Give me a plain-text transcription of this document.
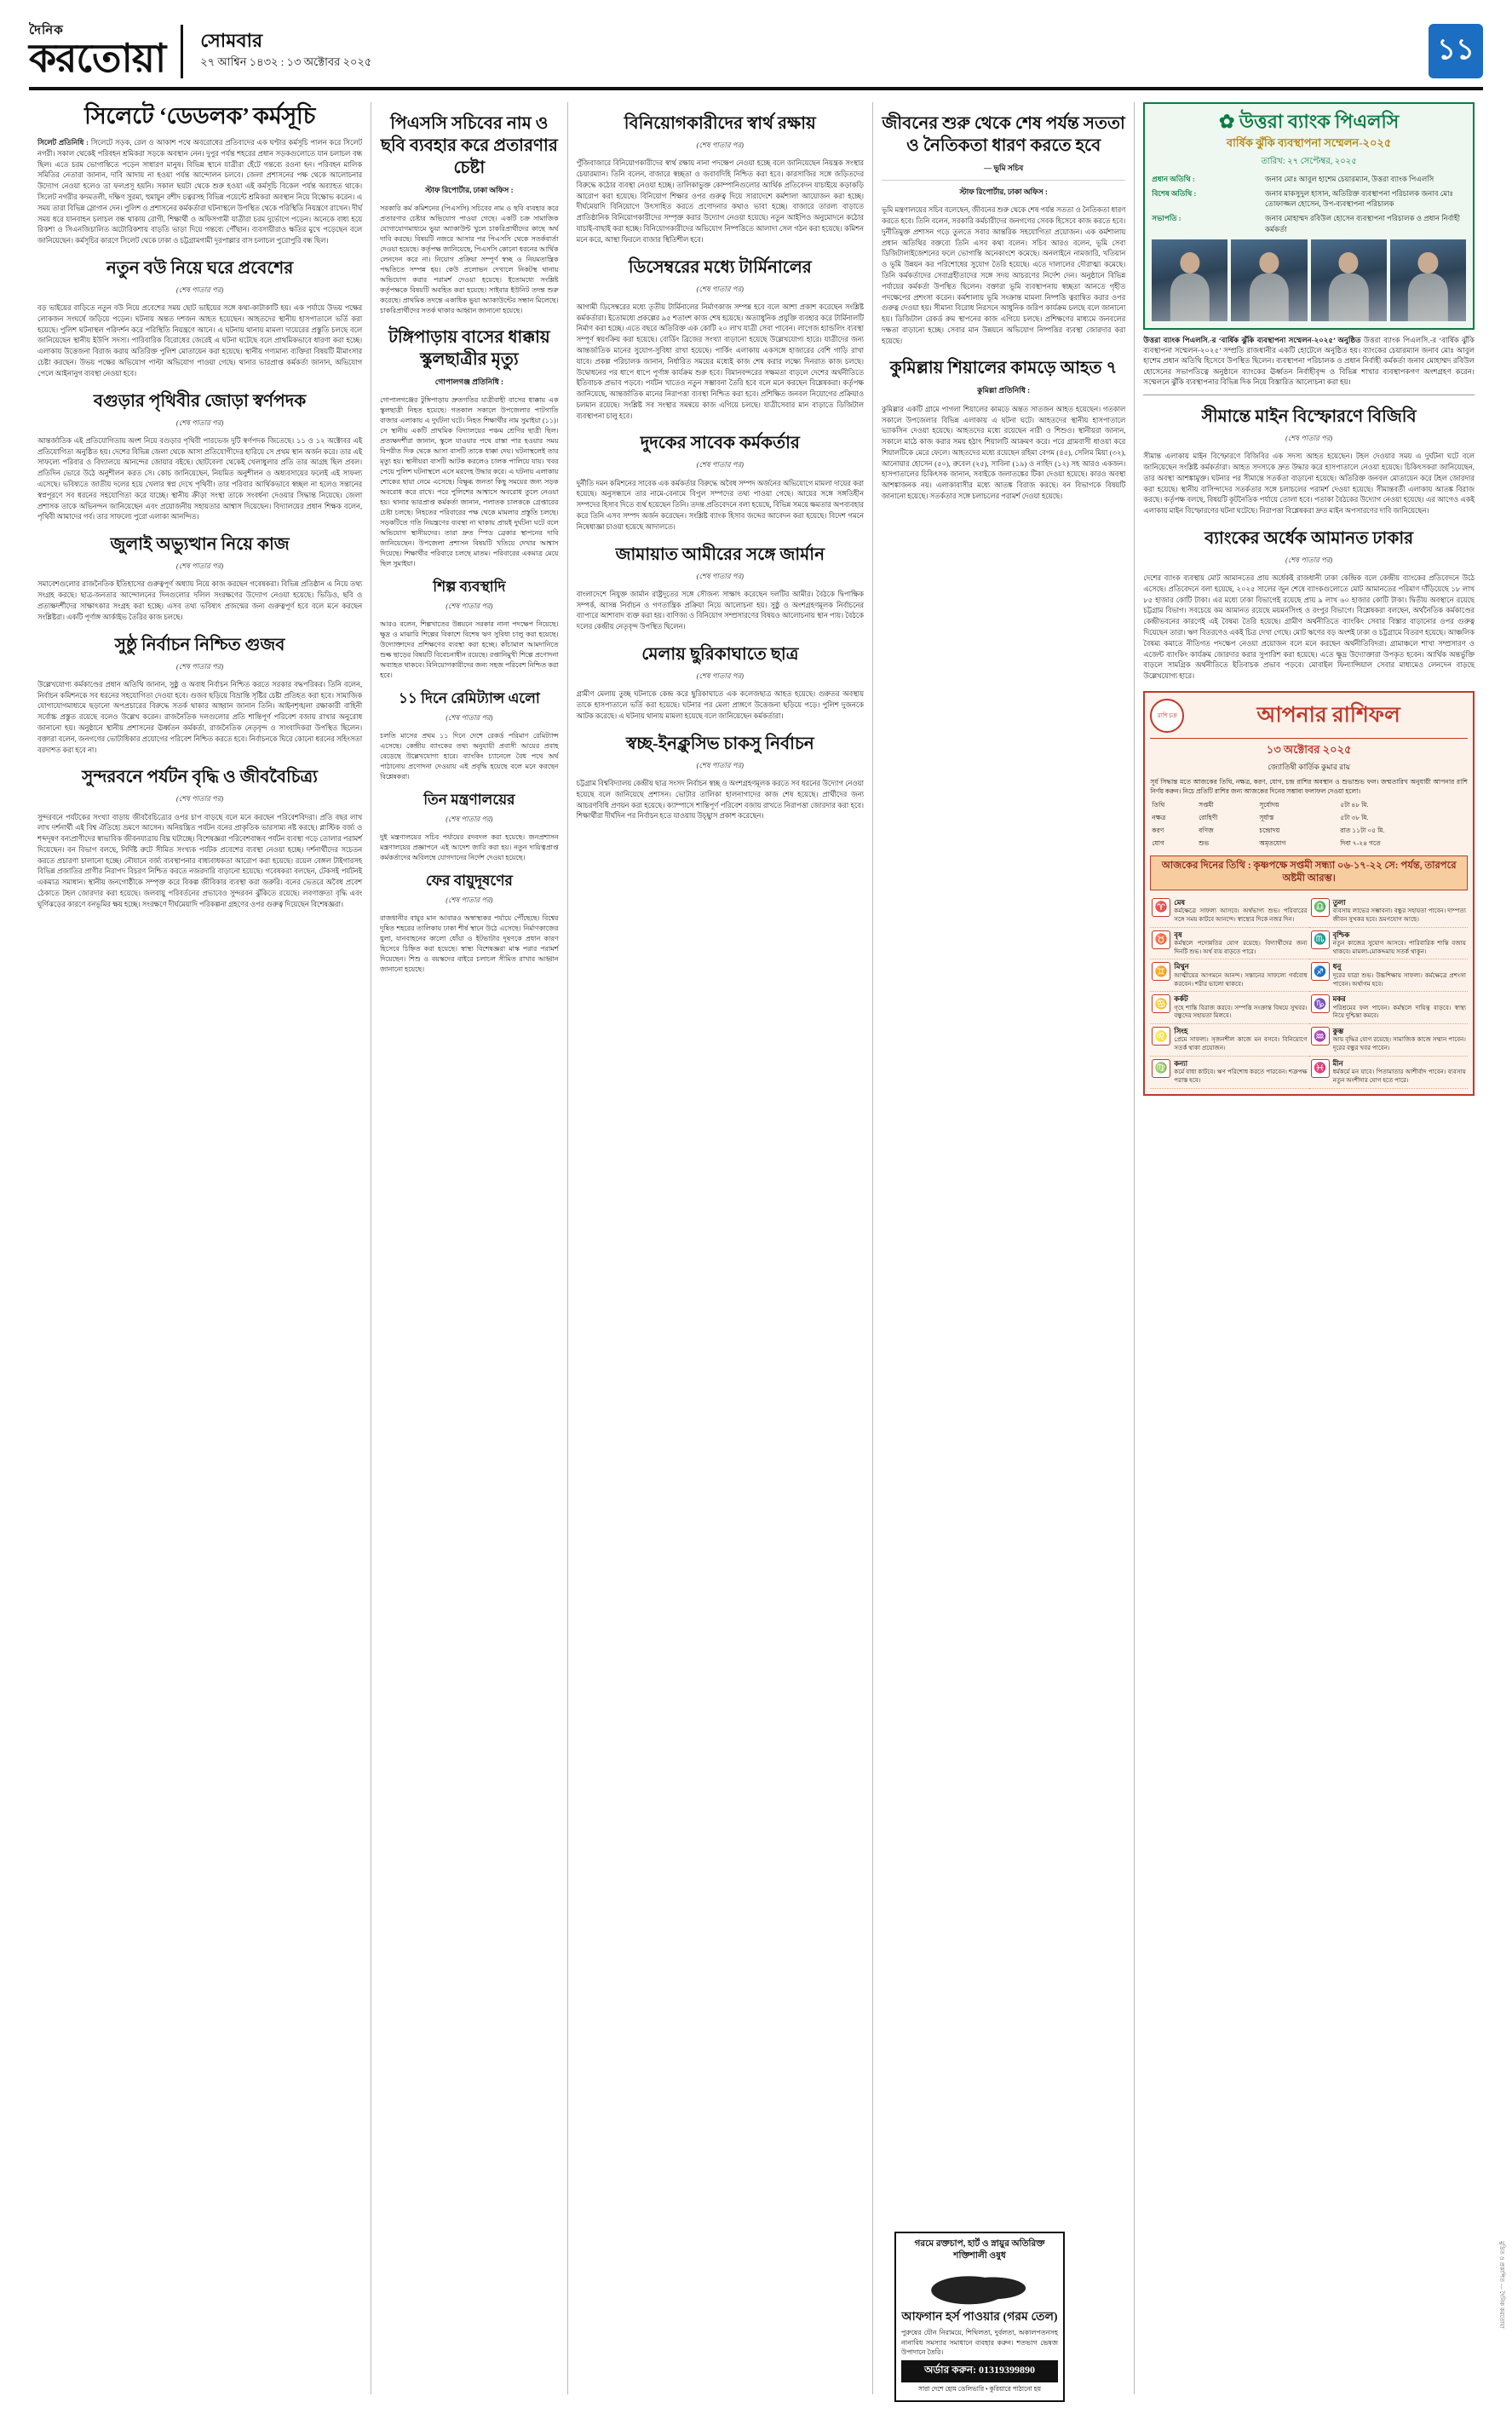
দৈনিক
করতোয়া সোমবার
২৭ আশ্বিন ১৪৩২ : ১৩ অক্টোবর ২০২৫	১১
সিলেটে ‘ডেডলক’ কর্মসূচি

সিলেট প্রতিনিধি : সিলেটে সড়ক, রেল ও আকাশ পথে অবরোধের প্রতিবাদের এক ঘণ্টার কর্মসূচি পালন করে সিলেট নগরী। সকাল থেকেই পরিবহন শ্রমিকরা সড়কে অবস্থান নেন। দুপুর পর্যন্ত শহরের প্রধান সড়কগুলোতে যান চলাচল বন্ধ ছিল। এতে চরম ভোগান্তিতে পড়েন সাধারণ মানুষ। বিভিন্ন স্থানে যাত্রীরা হেঁটে গন্তব্যে রওনা হন। পরিবহন মালিক সমিতির নেতারা জানান, দাবি আদায় না হওয়া পর্যন্ত আন্দোলন চলবে। জেলা প্রশাসনের পক্ষ থেকে আলোচনার উদ্যোগ নেওয়া হলেও তা ফলপ্রসূ হয়নি। সকাল ছয়টা থেকে শুরু হওয়া এই কর্মসূচি বিকেল পর্যন্ত অব্যাহত থাকে। সিলেট নগরীর কদমতলী, দক্ষিণ সুরমা, হুমায়ুন রশীদ চত্বরসহ বিভিন্ন পয়েন্টে শ্রমিকরা অবস্থান নিয়ে বিক্ষোভ করেন। এ সময় তারা বিভিন্ন স্লোগান দেন। পুলিশ ও প্রশাসনের কর্মকর্তারা ঘটনাস্থলে উপস্থিত থেকে পরিস্থিতি নিয়ন্ত্রণে রাখেন। দীর্ঘ সময় ধরে যানবাহন চলাচল বন্ধ থাকায় রোগী, শিক্ষার্থী ও অফিসগামী যাত্রীরা চরম দুর্ভোগে পড়েন। অনেকে বাধ্য হয়ে রিকশা ও সিএনজিচালিত অটোরিকশায় বাড়তি ভাড়া দিয়ে গন্তব্যে পৌঁছান। ব্যবসায়ীরাও ক্ষতির মুখে পড়েছেন বলে জানিয়েছেন। কর্মসূচির কারণে সিলেট থেকে ঢাকা ও চট্টগ্রামগামী দূরপাল্লার বাস চলাচল পুরোপুরি বন্ধ ছিল।

নতুন বউ নিয়ে ঘরে প্রবেশের
(শেষ পাতার পর)

বড় ভাইয়ের বাড়িতে নতুন বউ নিয়ে প্রবেশের সময় ছোট ভাইয়ের সঙ্গে কথা-কাটাকাটি হয়। এক পর্যায়ে উভয় পক্ষের লোকজন সংঘর্ষে জড়িয়ে পড়েন। ঘটনায় অন্তত দশজন আহত হয়েছেন। আহতদের স্থানীয় হাসপাতালে ভর্তি করা হয়েছে। পুলিশ ঘটনাস্থল পরিদর্শন করে পরিস্থিতি নিয়ন্ত্রণে আনে। এ ঘটনায় থানায় মামলা দায়েরের প্রস্তুতি চলছে বলে জানিয়েছেন স্থানীয় ইউপি সদস্য। পারিবারিক বিরোধের জেরেই এ ঘটনা ঘটেছে বলে প্রাথমিকভাবে ধারণা করা হচ্ছে। এলাকায় উত্তেজনা বিরাজ করায় অতিরিক্ত পুলিশ মোতায়েন করা হয়েছে। স্থানীয় গণ্যমান্য ব্যক্তিরা বিষয়টি মীমাংসার চেষ্টা করছেন। উভয় পক্ষের অভিযোগ পাল্টা অভিযোগ পাওয়া গেছে। থানার ভারপ্রাপ্ত কর্মকর্তা জানান, অভিযোগ পেলে আইনানুগ ব্যবস্থা নেওয়া হবে।

বগুড়ার পৃথিবীর জোড়া স্বর্ণপদক
(শেষ পাতার পর)

আন্তর্জাতিক এই প্রতিযোগিতায় অংশ নিয়ে বগুড়ার পৃথিবী পারভেজ দুটি স্বর্ণপদক জিতেছে। ১১ ও ১২ অক্টোবর এই প্রতিযোগিতা অনুষ্ঠিত হয়। দেশের বিভিন্ন জেলা থেকে আসা প্রতিযোগীদের হারিয়ে সে প্রথম স্থান অর্জন করে। তার এই সাফল্যে পরিবার ও বিদ্যালয়ে আনন্দের জোয়ার বইছে। ছোটবেলা থেকেই খেলাধুলার প্রতি তার আগ্রহ ছিল প্রবল। প্রতিদিন ভোরে উঠে অনুশীলন করত সে। কোচ জানিয়েছেন, নিয়মিত অনুশীলন ও অধ্যবসায়ের ফলেই এই সাফল্য এসেছে। ভবিষ্যতে জাতীয় দলের হয়ে খেলার স্বপ্ন দেখে পৃথিবী। তার পরিবার আর্থিকভাবে স্বচ্ছল না হলেও সন্তানের স্বপ্নপূরণে সব ধরনের সহযোগিতা করে যাচ্ছে। স্থানীয় ক্রীড়া সংস্থা তাকে সংবর্ধনা দেওয়ার সিদ্ধান্ত নিয়েছে। জেলা প্রশাসক তাকে অভিনন্দন জানিয়েছেন এবং প্রয়োজনীয় সহায়তার আশ্বাস দিয়েছেন। বিদ্যালয়ের প্রধান শিক্ষক বলেন, পৃথিবী আমাদের গর্ব। তার সাফল্যে পুরো এলাকা আনন্দিত।

জুলাই অভ্যুত্থান নিয়ে কাজ
(শেষ পাতার পর)

সমাবেশগুলোর রাজনৈতিক ইতিহাসের গুরুত্বপূর্ণ অধ্যায় নিয়ে কাজ করছেন গবেষকরা। বিভিন্ন প্রতিষ্ঠান এ নিয়ে তথ্য সংগ্রহ করছে। ছাত্র-জনতার আন্দোলনের দিনগুলোর দলিল সংরক্ষণের উদ্যোগ নেওয়া হয়েছে। ভিডিও, ছবি ও প্রত্যক্ষদর্শীদের সাক্ষাৎকার সংগ্রহ করা হচ্ছে। এসব তথ্য ভবিষ্যৎ প্রজন্মের জন্য গুরুত্বপূর্ণ হবে বলে মনে করছেন সংশ্লিষ্টরা। একটি পূর্ণাঙ্গ আর্কাইভ তৈরির কাজ চলছে।

সুষ্ঠু নির্বাচন নিশ্চিত গুজব
(শেষ পাতার পর)

উল্লেখযোগ্য কর্মকাণ্ডের প্রধান অতিথি জানান, সুষ্ঠু ও অবাধ নির্বাচন নিশ্চিত করতে সরকার বদ্ধপরিকর। তিনি বলেন, নির্বাচন কমিশনকে সব ধরনের সহযোগিতা দেওয়া হবে। গুজব ছড়িয়ে বিভ্রান্তি সৃষ্টির চেষ্টা প্রতিহত করা হবে। সামাজিক যোগাযোগমাধ্যমে ছড়ানো অপপ্রচারের বিরুদ্ধে সতর্ক থাকার আহ্বান জানান তিনি। আইনশৃঙ্খলা রক্ষাকারী বাহিনী সর্বোচ্চ প্রস্তুত রয়েছে বলেও উল্লেখ করেন। রাজনৈতিক দলগুলোর প্রতি শান্তিপূর্ণ পরিবেশ বজায় রাখার অনুরোধ জানানো হয়। অনুষ্ঠানে স্থানীয় প্রশাসনের ঊর্ধ্বতন কর্মকর্তা, রাজনৈতিক নেতৃবৃন্দ ও সাংবাদিকরা উপস্থিত ছিলেন। বক্তারা বলেন, জনগণের ভোটাধিকার প্রয়োগের পরিবেশ নিশ্চিত করতে হবে। নির্বাচনকে ঘিরে কোনো ধরনের সহিংসতা বরদাশত করা হবে না।

সুন্দরবনে পর্যটন বৃদ্ধি ও জীববৈচিত্র্য
(শেষ পাতার পর)

সুন্দরবনে পর্যটকের সংখ্যা বাড়ায় জীববৈচিত্র্যের ওপর চাপ বাড়ছে বলে মনে করছেন পরিবেশবিদরা। প্রতি বছর লাখ লাখ দর্শনার্থী এই বিশ্ব ঐতিহ্যে ভ্রমণে আসেন। অনিয়ন্ত্রিত পর্যটন বনের প্রাকৃতিক ভারসাম্য নষ্ট করছে। প্লাস্টিক বর্জ্য ও শব্দদূষণ বন্যপ্রাণীদের স্বাভাবিক জীবনযাত্রায় বিঘ্ন ঘটাচ্ছে। বিশেষজ্ঞরা পরিবেশবান্ধব পর্যটন ব্যবস্থা গড়ে তোলার পরামর্শ দিয়েছেন। বন বিভাগ বলছে, নির্দিষ্ট রুটে সীমিত সংখ্যক পর্যটক প্রবেশের ব্যবস্থা নেওয়া হচ্ছে। দর্শনার্থীদের সচেতন করতে প্রচারণা চালানো হচ্ছে। নৌযানে বর্জ্য ব্যবস্থাপনার বাধ্যবাধকতা আরোপ করা হয়েছে। রয়েল বেঙ্গল টাইগারসহ বিভিন্ন প্রজাতির প্রাণীর নিরাপদ বিচরণ নিশ্চিত করতে নজরদারি বাড়ানো হয়েছে। গবেষকরা বলছেন, টেকসই পর্যটনই একমাত্র সমাধান। স্থানীয় জনগোষ্ঠীকে সম্পৃক্ত করে বিকল্প জীবিকার ব্যবস্থা করা জরুরি। বনের ভেতরে অবৈধ প্রবেশ ঠেকাতে টহল জোরদার করা হয়েছে। জলবায়ু পরিবর্তনের প্রভাবেও সুন্দরবন ঝুঁকিতে রয়েছে। লবণাক্ততা বৃদ্ধি এবং ঘূর্ণিঝড়ের কারণে বনভূমির ক্ষয় হচ্ছে। সংরক্ষণে দীর্ঘমেয়াদি পরিকল্পনা গ্রহণের ওপর গুরুত্ব দিয়েছেন বিশেষজ্ঞরা।

পিএসসি সচিবের নাম ও ছবি ব্যবহার করে প্রতারণার চেষ্টা
স্টাফ রিপোর্টার, ঢাকা অফিস :

সরকারি কর্ম কমিশনের (পিএসসি) সচিবের নাম ও ছবি ব্যবহার করে প্রতারণার চেষ্টার অভিযোগ পাওয়া গেছে। একটি চক্র সামাজিক যোগাযোগমাধ্যমে ভুয়া অ্যাকাউন্ট খুলে চাকরিপ্রার্থীদের কাছে অর্থ দাবি করছে। বিষয়টি নজরে আসার পর পিএসসি থেকে সতর্কবার্তা দেওয়া হয়েছে। কর্তৃপক্ষ জানিয়েছে, পিএসসি কোনো ধরনের আর্থিক লেনদেন করে না। নিয়োগ প্রক্রিয়া সম্পূর্ণ স্বচ্ছ ও নিয়মতান্ত্রিক পদ্ধতিতে সম্পন্ন হয়। কেউ প্রলোভন দেখালে নিকটস্থ থানায় অভিযোগ করার পরামর্শ দেওয়া হয়েছে। ইতোমধ্যে সংশ্লিষ্ট কর্তৃপক্ষকে বিষয়টি অবহিত করা হয়েছে। সাইবার ইউনিট তদন্ত শুরু করেছে। প্রাথমিক তদন্তে একাধিক ভুয়া অ্যাকাউন্টের সন্ধান মিলেছে। চাকরিপ্রার্থীদের সতর্ক থাকার আহ্বান জানানো হয়েছে।

টঙ্গিপাড়ায় বাসের ধাক্কায় স্কুলছাত্রীর মৃত্যু
গোপালগঞ্জ প্রতিনিধি :

গোপালগঞ্জের টুঙ্গিপাড়ায় দ্রুতগতির যাত্রীবাহী বাসের ধাক্কায় এক স্কুলছাত্রী নিহত হয়েছে। গতকাল সকালে উপজেলার পাটগাতি বাজার এলাকায় এ দুর্ঘটনা ঘটে। নিহত শিক্ষার্থীর নাম সুমাইয়া (১১)। সে স্থানীয় একটি প্রাথমিক বিদ্যালয়ের পঞ্চম শ্রেণির ছাত্রী ছিল। প্রত্যক্ষদর্শীরা জানান, স্কুলে যাওয়ার পথে রাস্তা পার হওয়ার সময় বিপরীত দিক থেকে আসা বাসটি তাকে ধাক্কা দেয়। ঘটনাস্থলেই তার মৃত্যু হয়। স্থানীয়রা বাসটি আটক করলেও চালক পালিয়ে যায়। খবর পেয়ে পুলিশ ঘটনাস্থলে এসে মরদেহ উদ্ধার করে। এ ঘটনায় এলাকায় শোকের ছায়া নেমে এসেছে। বিক্ষুব্ধ জনতা কিছু সময়ের জন্য সড়ক অবরোধ করে রাখে। পরে পুলিশের আশ্বাসে অবরোধ তুলে নেওয়া হয়। থানার ভারপ্রাপ্ত কর্মকর্তা জানান, পলাতক চালককে গ্রেপ্তারের চেষ্টা চলছে। নিহতের পরিবারের পক্ষ থেকে মামলার প্রস্তুতি চলছে। সড়কটিতে গতি নিয়ন্ত্রণের ব্যবস্থা না থাকায় প্রায়ই দুর্ঘটনা ঘটে বলে অভিযোগ স্থানীয়দের। তারা দ্রুত স্পিড ব্রেকার স্থাপনের দাবি জানিয়েছেন। উপজেলা প্রশাসন বিষয়টি খতিয়ে দেখার আশ্বাস দিয়েছে। শিক্ষার্থীর পরিবারে চলছে মাতম। পরিবারের একমাত্র মেয়ে ছিল সুমাইয়া।

শিল্প ব্যবস্থাদি
(শেষ পাতার পর)

আরও বলেন, শিল্পখাতের উন্নয়নে সরকার নানা পদক্ষেপ নিয়েছে। ক্ষুদ্র ও মাঝারি শিল্পের বিকাশে বিশেষ ঋণ সুবিধা চালু করা হয়েছে। উদ্যোক্তাদের প্রশিক্ষণের ব্যবস্থা করা হচ্ছে। কাঁচামাল আমদানিতে শুল্ক ছাড়ের বিষয়টি বিবেচনাধীন রয়েছে। রপ্তানিমুখী শিল্পে প্রণোদনা অব্যাহত থাকবে। বিনিয়োগকারীদের জন্য সহজ পরিবেশ নিশ্চিত করা হবে।

১১ দিনে রেমিট্যান্স এলো
(শেষ পাতার পর)

চলতি মাসের প্রথম ১১ দিনে দেশে রেকর্ড পরিমাণ রেমিট্যান্স এসেছে। কেন্দ্রীয় ব্যাংকের তথ্য অনুযায়ী প্রবাসী আয়ের প্রবাহ বেড়েছে উল্লেখযোগ্য হারে। ব্যাংকিং চ্যানেলে বৈধ পথে অর্থ পাঠানোয় প্রণোদনা দেওয়ায় এই প্রবৃদ্ধি হয়েছে বলে মনে করছেন বিশ্লেষকরা।

তিন মন্ত্রণালয়ের
(শেষ পাতার পর)

দুই মন্ত্রণালয়ের সচিব পর্যায়ের রদবদল করা হয়েছে। জনপ্রশাসন মন্ত্রণালয়ের প্রজ্ঞাপনে এই আদেশ জারি করা হয়। নতুন দায়িত্বপ্রাপ্ত কর্মকর্তাদের অবিলম্বে যোগদানের নির্দেশ দেওয়া হয়েছে।

ফের বায়ুদূষণের
(শেষ পাতার পর)

রাজধানীর বায়ুর মান আবারও অস্বাস্থ্যকর পর্যায়ে পৌঁছেছে। বিশ্বের দূষিত শহরের তালিকায় ঢাকা শীর্ষ স্থানে উঠে এসেছে। নির্মাণকাজের ধুলা, যানবাহনের কালো ধোঁয়া ও ইটভাটার দূষণকে প্রধান কারণ হিসেবে চিহ্নিত করা হয়েছে। স্বাস্থ্য বিশেষজ্ঞরা মাস্ক পরার পরামর্শ দিয়েছেন। শিশু ও বয়স্কদের বাইরে চলাচল সীমিত রাখার আহ্বান জানানো হয়েছে।

বিনিয়োগকারীদের স্বার্থ রক্ষায়
(শেষ পাতার পর)

পুঁজিবাজারে বিনিয়োগকারীদের স্বার্থ রক্ষায় নানা পদক্ষেপ নেওয়া হচ্ছে বলে জানিয়েছেন নিয়ন্ত্রক সংস্থার চেয়ারম্যান। তিনি বলেন, বাজারে স্বচ্ছতা ও জবাবদিহি নিশ্চিত করা হবে। কারসাজির সঙ্গে জড়িতদের বিরুদ্ধে কঠোর ব্যবস্থা নেওয়া হচ্ছে। তালিকাভুক্ত কোম্পানিগুলোর আর্থিক প্রতিবেদন যাচাইয়ে কড়াকড়ি আরোপ করা হয়েছে। বিনিয়োগ শিক্ষার ওপর গুরুত্ব দিয়ে সারাদেশে কর্মশালা আয়োজন করা হচ্ছে। দীর্ঘমেয়াদি বিনিয়োগে উৎসাহিত করতে প্রণোদনার কথাও ভাবা হচ্ছে। বাজারে তারল্য বাড়াতে প্রাতিষ্ঠানিক বিনিয়োগকারীদের সম্পৃক্ত করার উদ্যোগ নেওয়া হয়েছে। নতুন আইপিও অনুমোদনে কঠোর যাচাই-বাছাই করা হচ্ছে। বিনিয়োগকারীদের অভিযোগ নিষ্পত্তিতে আলাদা সেল গঠন করা হয়েছে। কমিশন মনে করে, আস্থা ফিরলে বাজার স্থিতিশীল হবে।

ডিসেম্বরের মধ্যে টার্মিনালের
(শেষ পাতার পর)

আগামী ডিসেম্বরের মধ্যে তৃতীয় টার্মিনালের নির্মাণকাজ সম্পন্ন হবে বলে আশা প্রকাশ করেছেন সংশ্লিষ্ট কর্মকর্তারা। ইতোমধ্যে প্রকল্পের ৯৫ শতাংশ কাজ শেষ হয়েছে। অত্যাধুনিক প্রযুক্তি ব্যবহার করে টার্মিনালটি নির্মাণ করা হচ্ছে। এতে বছরে অতিরিক্ত এক কোটি ২০ লাখ যাত্রী সেবা পাবেন। লাগেজ হ্যান্ডলিং ব্যবস্থা সম্পূর্ণ স্বয়ংক্রিয় করা হয়েছে। বোর্ডিং ব্রিজের সংখ্যা বাড়ানো হয়েছে উল্লেখযোগ্য হারে। যাত্রীদের জন্য আন্তর্জাতিক মানের সুযোগ-সুবিধা রাখা হয়েছে। পার্কিং এলাকায় একসঙ্গে হাজারের বেশি গাড়ি রাখা যাবে। প্রকল্প পরিচালক জানান, নির্ধারিত সময়ের মধ্যেই কাজ শেষ করার লক্ষ্যে দিনরাত কাজ চলছে। উদ্বোধনের পর ধাপে ধাপে পূর্ণাঙ্গ কার্যক্রম শুরু হবে। বিমানবন্দরের সক্ষমতা বাড়লে দেশের অর্থনীতিতে ইতিবাচক প্রভাব পড়বে। পর্যটন খাতেও নতুন সম্ভাবনা তৈরি হবে বলে মনে করছেন বিশ্লেষকরা। কর্তৃপক্ষ জানিয়েছে, আন্তর্জাতিক মানের নিরাপত্তা ব্যবস্থা নিশ্চিত করা হবে। প্রশিক্ষিত জনবল নিয়োগের প্রক্রিয়াও চলমান রয়েছে। সংশ্লিষ্ট সব সংস্থার সমন্বয়ে কাজ এগিয়ে চলছে। যাত্রীসেবার মান বাড়াতে ডিজিটাল ব্যবস্থাপনা চালু হবে।

দুদকের সাবেক কর্মকর্তার
(শেষ পাতার পর)

দুর্নীতি দমন কমিশনের সাবেক এক কর্মকর্তার বিরুদ্ধে অবৈধ সম্পদ অর্জনের অভিযোগে মামলা দায়ের করা হয়েছে। অনুসন্ধানে তার নামে-বেনামে বিপুল সম্পদের তথ্য পাওয়া গেছে। আয়ের সঙ্গে সঙ্গতিহীন সম্পদের হিসাব দিতে ব্যর্থ হয়েছেন তিনি। তদন্ত প্রতিবেদনে বলা হয়েছে, বিভিন্ন সময়ে ক্ষমতার অপব্যবহার করে তিনি এসব সম্পদ অর্জন করেছেন। সংশ্লিষ্ট ব্যাংক হিসাব জব্দের আবেদন করা হয়েছে। বিদেশ গমনে নিষেধাজ্ঞা চাওয়া হয়েছে আদালতে।

জামায়াত আমীরের সঙ্গে জার্মান
(শেষ পাতার পর)

বাংলাদেশে নিযুক্ত জার্মান রাষ্ট্রদূতের সঙ্গে সৌজন্য সাক্ষাৎ করেছেন দলটির আমীর। বৈঠকে দ্বিপাক্ষিক সম্পর্ক, আসন্ন নির্বাচন ও গণতান্ত্রিক প্রক্রিয়া নিয়ে আলোচনা হয়। সুষ্ঠু ও অংশগ্রহণমূলক নির্বাচনের ব্যাপারে আশাবাদ ব্যক্ত করা হয়। বাণিজ্য ও বিনিয়োগ সম্প্রসারণের বিষয়ও আলোচনায় স্থান পায়। বৈঠকে দলের কেন্দ্রীয় নেতৃবৃন্দ উপস্থিত ছিলেন।

মেলায় ছুরিকাঘাতে ছাত্র
(শেষ পাতার পর)

গ্রামীণ মেলায় তুচ্ছ ঘটনাকে কেন্দ্র করে ছুরিকাঘাতে এক কলেজছাত্র আহত হয়েছে। গুরুতর অবস্থায় তাকে হাসপাতালে ভর্তি করা হয়েছে। ঘটনার পর মেলা প্রাঙ্গণে উত্তেজনা ছড়িয়ে পড়ে। পুলিশ দুজনকে আটক করেছে। এ ঘটনায় থানায় মামলা হয়েছে বলে জানিয়েছেন কর্মকর্তারা।

স্বচ্ছ-ইনক্লুসিভ চাকসু নির্বাচন
(শেষ পাতার পর)

চট্টগ্রাম বিশ্ববিদ্যালয় কেন্দ্রীয় ছাত্র সংসদ নির্বাচন স্বচ্ছ ও অংশগ্রহণমূলক করতে সব ধরনের উদ্যোগ নেওয়া হয়েছে বলে জানিয়েছে প্রশাসন। ভোটার তালিকা হালনাগাদের কাজ শেষ হয়েছে। প্রার্থীদের জন্য আচরণবিধি প্রণয়ন করা হয়েছে। ক্যাম্পাসে শান্তিপূর্ণ পরিবেশ বজায় রাখতে নিরাপত্তা জোরদার করা হবে। শিক্ষার্থীরা দীর্ঘদিন পর নির্বাচন হতে যাওয়ায় উচ্ছ্বাস প্রকাশ করেছেন।

জীবনের শুরু থেকে শেষ পর্যন্ত সততা ও নৈতিকতা ধারণ করতে হবে
— ভূমি সচিব
স্টাফ রিপোর্টার, ঢাকা অফিস :

ভূমি মন্ত্রণালয়ের সচিব বলেছেন, জীবনের শুরু থেকে শেষ পর্যন্ত সততা ও নৈতিকতা ধারণ করতে হবে। তিনি বলেন, সরকারি কর্মচারীদের জনগণের সেবক হিসেবে কাজ করতে হবে। দুর্নীতিমুক্ত প্রশাসন গড়ে তুলতে সবার আন্তরিক সহযোগিতা প্রয়োজন। এক কর্মশালায় প্রধান অতিথির বক্তব্যে তিনি এসব কথা বলেন। সচিব আরও বলেন, ভূমি সেবা ডিজিটালাইজেশনের ফলে ভোগান্তি অনেকাংশে কমেছে। অনলাইনে নামজারি, খতিয়ান ও ভূমি উন্নয়ন কর পরিশোধের সুযোগ তৈরি হয়েছে। এতে দালালের দৌরাত্ম্য কমেছে। তিনি কর্মকর্তাদের সেবাগ্রহীতাদের সঙ্গে সদয় আচরণের নির্দেশ দেন। অনুষ্ঠানে বিভিন্ন পর্যায়ের কর্মকর্তা উপস্থিত ছিলেন। বক্তারা ভূমি ব্যবস্থাপনায় স্বচ্ছতা আনতে গৃহীত পদক্ষেপের প্রশংসা করেন। কর্মশালায় ভূমি সংক্রান্ত মামলা নিষ্পত্তি ত্বরান্বিত করার ওপর গুরুত্ব দেওয়া হয়। সীমানা বিরোধ নিরসনে আধুনিক জরিপ কার্যক্রম চলছে বলে জানানো হয়। ডিজিটাল রেকর্ড রুম স্থাপনের কাজ এগিয়ে চলছে। প্রশিক্ষণের মাধ্যমে জনবলের দক্ষতা বাড়ানো হচ্ছে। সেবার মান উন্নয়নে অভিযোগ নিষ্পত্তির ব্যবস্থা জোরদার করা হয়েছে।

কুমিল্লায় শিয়ালের কামড়ে আহত ৭
কুমিল্লা প্রতিনিধি :

কুমিল্লার একটি গ্রামে পাগলা শিয়ালের কামড়ে অন্তত সাতজন আহত হয়েছেন। গতকাল সকালে উপজেলার বিভিন্ন এলাকায় এ ঘটনা ঘটে। আহতদের স্থানীয় হাসপাতালে ভ্যাকসিন দেওয়া হয়েছে। আহতদের মধ্যে রয়েছেন নারী ও শিশুও। স্থানীয়রা জানান, সকালে মাঠে কাজ করার সময় হঠাৎ শিয়ালটি আক্রমণ করে। পরে গ্রামবাসী ধাওয়া করে শিয়ালটিকে মেরে ফেলে। আহতদের মধ্যে রয়েছেন রহিমা বেগম (৪৫), সেলিম মিয়া (৩২), আনোয়ার হোসেন (৫০), রুবেল (২৫), সাবিনা (১৯) ও নাহিদ (১২) সহ আরও একজন। হাসপাতালের চিকিৎসক জানান, সবাইকে জলাতঙ্কের টিকা দেওয়া হয়েছে। কারও অবস্থা আশঙ্কাজনক নয়। এলাকাবাসীর মধ্যে আতঙ্ক বিরাজ করছে। বন বিভাগকে বিষয়টি জানানো হয়েছে। সতর্কতার সঙ্গে চলাচলের পরামর্শ দেওয়া হয়েছে।

✿ উত্তরা ব্যাংক পিএলসি
বার্ষিক ঝুঁকি ব্যবস্থাপনা সম্মেলন-২০২৫
তারিখ: ২৭ সেপ্টেম্বর, ২০২৫
প্রধান অতিথি :	জনাব মোঃ আবুল হাশেম চেয়ারম্যান, উত্তরা ব্যাংক পিএলসি
বিশেষ অতিথি :	জনাব মাকসুদুল হাসান, অতিরিক্ত ব্যবস্থাপনা পরিচালক জনাব মোঃ তোফাজ্জল হোসেন, উপ-ব্যবস্থাপনা পরিচালক
সভাপতি :	জনাব মোহাম্মদ রবিউল হোসেন ব্যবস্থাপনা পরিচালক ও প্রধান নির্বাহী কর্মকর্তা
উত্তরা ব্যাংক পিএলসি.-র ‘বার্ষিক ঝুঁকি ব্যবস্থাপনা সম্মেলন-২০২৫’ অনুষ্ঠিত উত্তরা ব্যাংক পিএলসি.-র ‘বার্ষিক ঝুঁকি ব্যবস্থাপনা সম্মেলন-২০২৫’ সম্প্রতি রাজধানীর একটি হোটেলে অনুষ্ঠিত হয়। ব্যাংকের চেয়ারম্যান জনাব মোঃ আবুল হাশেম প্রধান অতিথি হিসেবে উপস্থিত ছিলেন। ব্যবস্থাপনা পরিচালক ও প্রধান নির্বাহী কর্মকর্তা জনাব মোহাম্মদ রবিউল হোসেনের সভাপতিত্বে অনুষ্ঠানে ব্যাংকের ঊর্ধ্বতন নির্বাহীবৃন্দ ও বিভিন্ন শাখার ব্যবস্থাপকগণ অংশগ্রহণ করেন। সম্মেলনে ঝুঁকি ব্যবস্থাপনার বিভিন্ন দিক নিয়ে বিস্তারিত আলোচনা করা হয়।
সীমান্তে মাইন বিস্ফোরণে বিজিবি
(শেষ পাতার পর)

সীমান্ত এলাকায় মাইন বিস্ফোরণে বিজিবির এক সদস্য আহত হয়েছেন। টহল দেওয়ার সময় এ দুর্ঘটনা ঘটে বলে জানিয়েছেন সংশ্লিষ্ট কর্মকর্তারা। আহত সদস্যকে দ্রুত উদ্ধার করে হাসপাতালে নেওয়া হয়েছে। চিকিৎসকরা জানিয়েছেন, তার অবস্থা আশঙ্কামুক্ত। ঘটনার পর সীমান্তে সতর্কতা বাড়ানো হয়েছে। অতিরিক্ত জনবল মোতায়েন করে টহল জোরদার করা হয়েছে। স্থানীয় বাসিন্দাদের সতর্কতার সঙ্গে চলাচলের পরামর্শ দেওয়া হয়েছে। সীমান্তবর্তী এলাকায় আতঙ্ক বিরাজ করছে। কর্তৃপক্ষ বলছে, বিষয়টি কূটনৈতিক পর্যায়ে তোলা হবে। পতাকা বৈঠকের উদ্যোগ নেওয়া হয়েছে। এর আগেও একই এলাকায় মাইন বিস্ফোরণের ঘটনা ঘটেছে। নিরাপত্তা বিশ্লেষকরা দ্রুত মাইন অপসারণের দাবি জানিয়েছেন।

ব্যাংকের অর্ধেক আমানত ঢাকার
(শেষ পাতার পর)

দেশের ব্যাংক ব্যবস্থায় মোট আমানতের প্রায় অর্ধেকই রাজধানী ঢাকা কেন্দ্রিক বলে কেন্দ্রীয় ব্যাংকের প্রতিবেদনে উঠে এসেছে। প্রতিবেদনে বলা হয়েছে, ২০২৫ সালের জুন শেষে ব্যাংকগুলোতে মোট আমানতের পরিমাণ দাঁড়িয়েছে ১৮ লাখ ৮৫ হাজার কোটি টাকা। এর মধ্যে ঢাকা বিভাগেই রয়েছে প্রায় ৯ লাখ ৬০ হাজার কোটি টাকা। দ্বিতীয় অবস্থানে রয়েছে চট্টগ্রাম বিভাগ। সবচেয়ে কম আমানত রয়েছে ময়মনসিংহ ও রংপুর বিভাগে। বিশ্লেষকরা বলছেন, অর্থনৈতিক কর্মকাণ্ডের কেন্দ্রীভবনের কারণেই এই বৈষম্য তৈরি হয়েছে। গ্রামীণ অর্থনীতিতে ব্যাংকিং সেবার বিস্তার বাড়ানোর ওপর গুরুত্ব দিয়েছেন তারা। ঋণ বিতরণেও একই চিত্র দেখা গেছে। মোট ঋণের বড় অংশই ঢাকা ও চট্টগ্রামে বিতরণ হয়েছে। আঞ্চলিক বৈষম্য কমাতে নীতিগত পদক্ষেপ নেওয়া প্রয়োজন বলে মনে করছেন অর্থনীতিবিদরা। গ্রামাঞ্চলে শাখা সম্প্রসারণ ও এজেন্ট ব্যাংকিং কার্যক্রম জোরদার করার সুপারিশ করা হয়েছে। এতে ক্ষুদ্র উদ্যোক্তারা উপকৃত হবেন। আর্থিক অন্তর্ভুক্তি বাড়লে সামগ্রিক অর্থনীতিতে ইতিবাচক প্রভাব পড়বে। মোবাইল ফিন্যান্সিয়াল সেবার মাধ্যমেও লেনদেন বাড়ছে উল্লেখযোগ্য হারে।

রাশি চক্র	আপনার রাশিফল
১৩ অক্টোবর ২০২৫
জ্যোতিষী কার্তিক কুমার রায়
সূর্য সিদ্ধান্ত মতে আজকের তিথি, নক্ষত্র, করণ, যোগ, চন্দ্র রাশির অবস্থান ও শুভাশুভ ফল। জন্মতারিখ অনুযায়ী আপনার রাশি নির্ণয় করুন। নিচে প্রতিটি রাশির জন্য আজকের দিনের সম্ভাব্য ফলাফল দেওয়া হলো।
তিথি	সপ্তমী	সূর্যোদয়	৫টা ৪৮ মি.
নক্ষত্র	রোহিণী	সূর্যাস্ত	৫টা ৩৮ মি.
করণ	বণিজ	চন্দ্রোদয়	রাত ১১টা ০৫ মি.
যোগ	শুভ	অমৃতযোগ	দিবা ৭-২৪ গতে
আজকের দিনের তিথি : কৃষ্ণপক্ষে সপ্তমী সন্ধ্যা ০৬-১৭-২২ সে: পর্যন্ত, তারপরে অষ্টমী আরম্ভ।
♈ মেষ
কর্মক্ষেত্রে সাফল্য আসবে। অর্থভাগ্য শুভ। পরিবারের সঙ্গে সময় কাটবে আনন্দে। স্বাস্থ্যের দিকে নজর দিন।
♎ তুলা
ব্যবসায় লাভের সম্ভাবনা। বন্ধুর সহায়তা পাবেন। দাম্পত্য জীবন সুখকর হবে। ভ্রমণযোগ আছে।
♉ বৃষ
কর্মস্থলে পদোন্নতির যোগ রয়েছে। বিদ্যার্থীদের জন্য দিনটি শুভ। অর্থ ব্যয় বাড়তে পারে।
♏ বৃশ্চিক
নতুন কাজের সুযোগ আসবে। পারিবারিক শান্তি বজায় থাকবে। মামলা-মোকদ্দমায় সতর্ক থাকুন।
♊ মিথুন
আত্মীয়ের আগমনে আনন্দ। সন্তানের সাফল্যে গর্ববোধ করবেন। শরীর ভালো থাকবে।
♐ ধনু
দূরের যাত্রা শুভ। উচ্চশিক্ষায় সাফল্য। কর্মক্ষেত্রে প্রশংসা পাবেন। অর্থাগম হবে।
♋ কর্কট
গৃহে শান্তি বিরাজ করবে। সম্পত্তি সংক্রান্ত বিষয়ে সুখবর। বন্ধুদের সহায়তা মিলবে।
♑ মকর
পরিশ্রমের ফল পাবেন। কর্মস্থলে দায়িত্ব বাড়বে। স্বাস্থ্য নিয়ে দুশ্চিন্তা কমবে।
♌ সিংহ
প্রেমে সাফল্য। সৃজনশীল কাজে মন বসবে। বিনিয়োগে সতর্ক থাকা প্রয়োজন।
♒ কুম্ভ
আয় বৃদ্ধির যোগ রয়েছে। সামাজিক কাজে সম্মান পাবেন। দূরের বন্ধুর খবর পাবেন।
♍ কন্যা
কর্মে বাধা কাটবে। ঋণ পরিশোধ করতে পারবেন। শত্রুপক্ষ পরাস্ত হবে।
♓ মীন
ধর্মকর্মে মন যাবে। পিতামাতার আশীর্বাদ পাবেন। ব্যবসায় নতুন অংশীদার যোগ হতে পারে।
গরমে রক্তচাপ, হার্ট ও স্নায়ুর অতিরিক্ত শক্তিশালী ওষুধ
আফগান হর্স পাওয়ার (গরম তেল)
পুরুষের যৌন নিরাময়ে, শিথিলতা, দুর্বলতা, অকালপতনসহ নানাবিধ সমস্যার সমাধানে ব্যবহার করুন। শতভাগ ভেষজ উপাদানে তৈরি।
অর্ডার করুন: 01319399890
সারা দেশে হোম ডেলিভারি • কুরিয়ারে পাঠানো হয়
মুদ্রিত ও প্রকাশিত — দৈনিক করতোয়া
